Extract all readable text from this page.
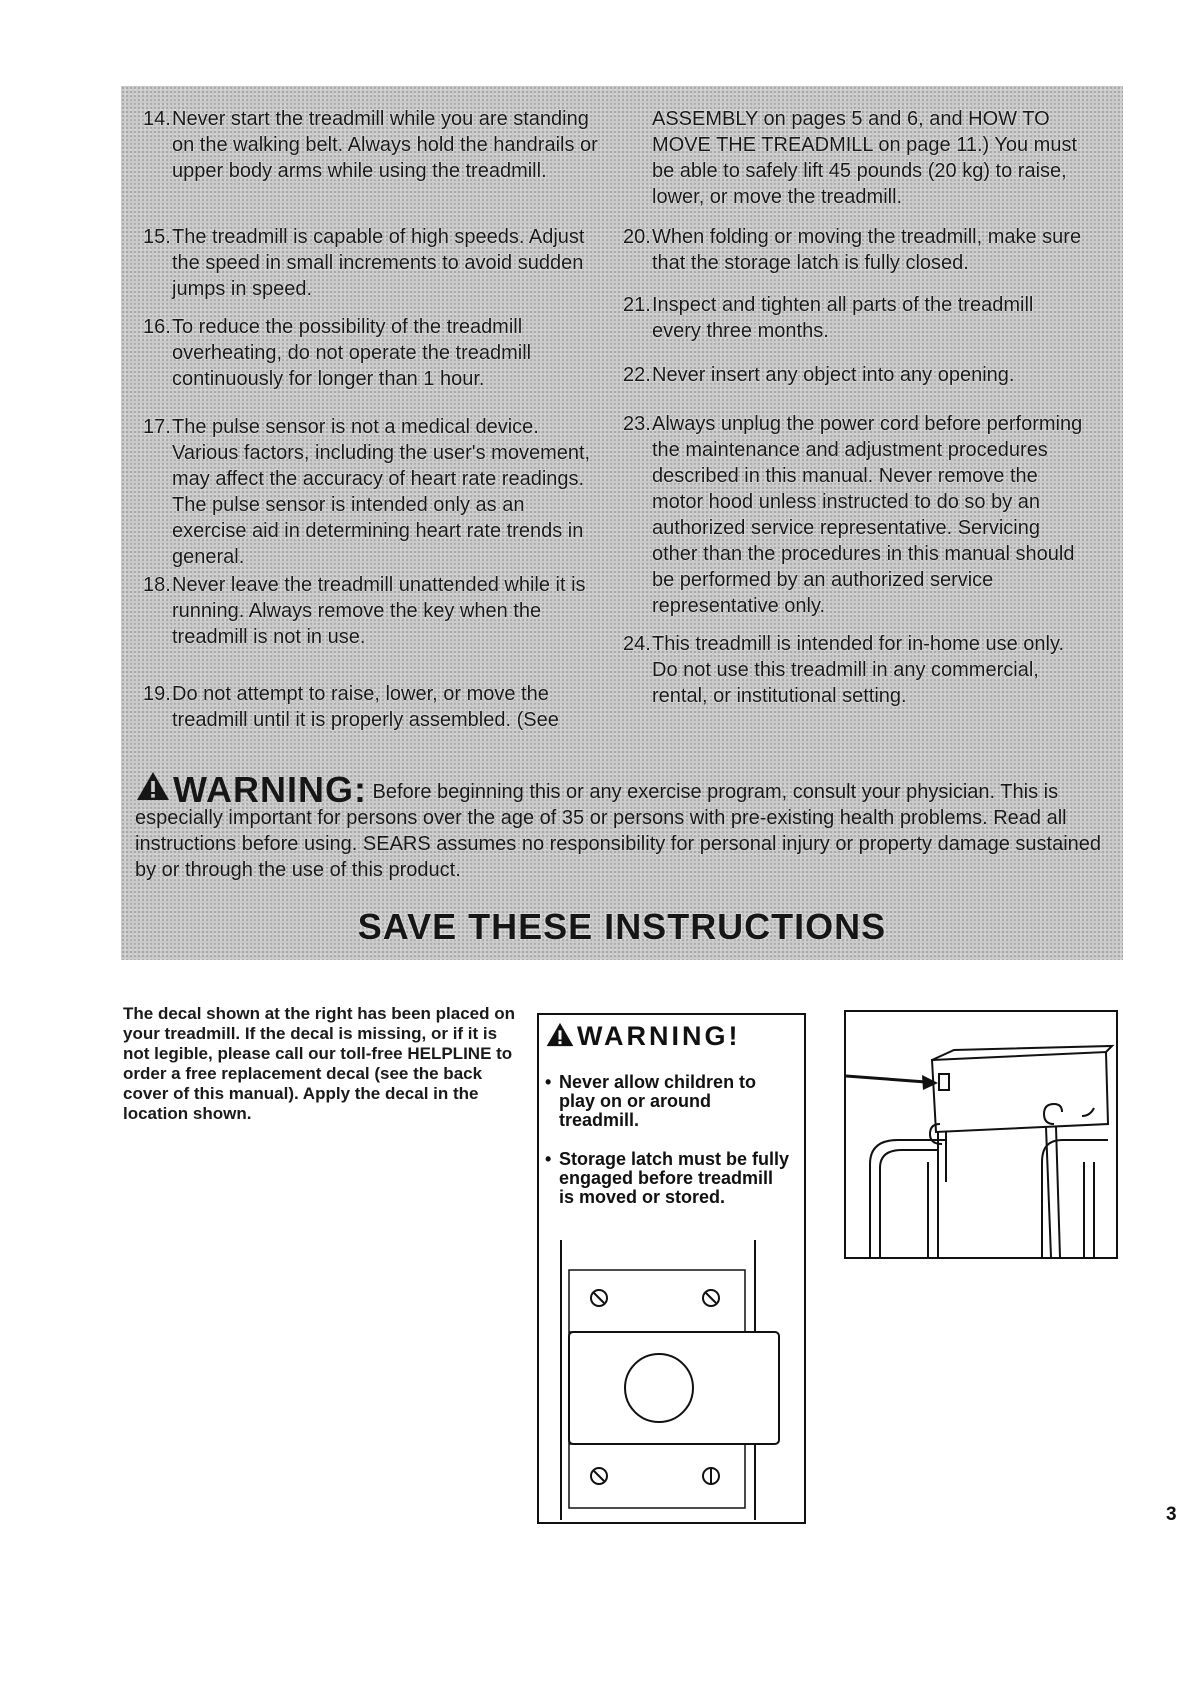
14. Never start the treadmill while you are standing on the walking belt. Always hold the handrails or upper body arms while using the treadmill.
15. The treadmill is capable of high speeds. Adjust the speed in small increments to avoid sudden jumps in speed.
16. To reduce the possibility of the treadmill overheating, do not operate the treadmill continuously for longer than 1 hour.
17. The pulse sensor is not a medical device. Various factors, including the user's movement, may affect the accuracy of heart rate readings. The pulse sensor is intended only as an exercise aid in determining heart rate trends in general.
18. Never leave the treadmill unattended while it is running. Always remove the key when the treadmill is not in use.
19. Do not attempt to raise, lower, or move the treadmill until it is properly assembled. (See
ASSEMBLY on pages 5 and 6, and HOW TO MOVE THE TREADMILL on page 11.) You must be able to safely lift 45 pounds (20 kg) to raise, lower, or move the treadmill.
20. When folding or moving the treadmill, make sure that the storage latch is fully closed.
21. Inspect and tighten all parts of the treadmill every three months.
22. Never insert any object into any opening.
23. Always unplug the power cord before performing the maintenance and adjustment procedures described in this manual. Never remove the motor hood unless instructed to do so by an authorized service representative. Servicing other than the procedures in this manual should be performed by an authorized service representative only.
24. This treadmill is intended for in-home use only. Do not use this treadmill in any commercial, rental, or institutional setting.
WARNING: Before beginning this or any exercise program, consult your physician. This is especially important for persons over the age of 35 or persons with pre-existing health problems. Read all instructions before using. SEARS assumes no responsibility for personal injury or property damage sustained by or through the use of this product.
SAVE THESE INSTRUCTIONS
The decal shown at the right has been placed on your treadmill. If the decal is missing, or if it is not legible, please call our toll-free HELPLINE to order a free replacement decal (see the back cover of this manual). Apply the decal in the location shown.
WARNING!
• Never allow children to play on or around treadmill.
• Storage latch must be fully engaged before treadmill is moved or stored.
3
